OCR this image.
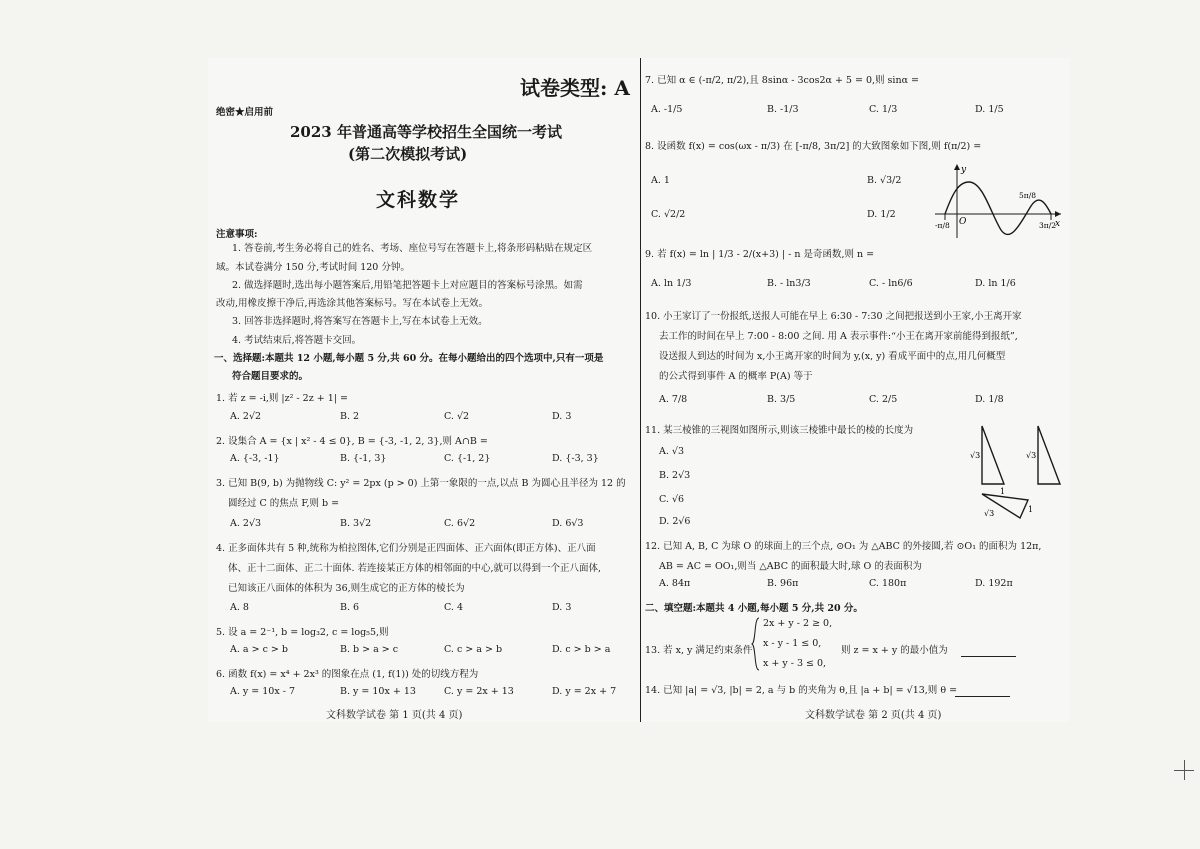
试卷类型: A
绝密★启用前
2023 年普通高等学校招生全国统一考试
(第二次模拟考试)
文科数学
注意事项:
1. 答卷前,考生务必将自己的姓名、考场、座位号写在答题卡上,将条形码粘贴在规定区
域。本试卷满分 150 分,考试时间 120 分钟。
2. 做选择题时,选出每小题答案后,用铅笔把答题卡上对应题目的答案标号涂黑。如需
改动,用橡皮擦干净后,再选涂其他答案标号。写在本试卷上无效。
3. 回答非选择题时,将答案写在答题卡上,写在本试卷上无效。
4. 考试结束后,将答题卡交回。
一、选择题:本题共 12 小题,每小题 5 分,共 60 分。在每小题给出的四个选项中,只有一项是
符合题目要求的。
1. 若 z = -i,则 |z² - 2z + 1| =
A. 2√2	B. 2	C. √2	D. 3
2. 设集合 A = {x | x² - 4 ≤ 0}, B = {-3, -1, 2, 3},则 A∩B =
A. {-3, -1}	B. {-1, 3}	C. {-1, 2}	D. {-3, 3}
3. 已知 B(9, b) 为抛物线 C: y² = 2px (p > 0) 上第一象限的一点,以点 B 为圆心且半径为 12 的
圆经过 C 的焦点 F,则 b =
A. 2√3	B. 3√2	C. 6√2	D. 6√3
4. 正多面体共有 5 种,统称为柏拉图体,它们分别是正四面体、正六面体(即正方体)、正八面
体、正十二面体、正二十面体. 若连接某正方体的相邻面的中心,就可以得到一个正八面体,
已知该正八面体的体积为 36,则生成它的正方体的棱长为
A. 8	B. 6	C. 4	D. 3
5. 设 a = 2⁻¹, b = log₃2, c = log₅5,则
A. a > c > b	B. b > a > c	C. c > a > b	D. c > b > a
6. 函数 f(x) = x⁴ + 2x³ 的图象在点 (1, f(1)) 处的切线方程为
A. y = 10x - 7	B. y = 10x + 13	C. y = 2x + 13	D. y = 2x + 7
文科数学试卷 第 1 页(共 4 页)
7. 已知 α ∈ (-π/2, π/2),且 8sinα - 3cos2α + 5 = 0,则 sinα =
A. -1/5	B. -1/3	C. 1/3	D. 1/5
8. 设函数 f(x) = cos(ωx - π/3) 在 [-π/8, 3π/2] 的大致图象如下图,则 f(π/2) =
A. 1	B. √3/2
C. √2/2	D. 1/2
y
x
O
-π/8
5π/8
3π/2
9. 若 f(x) = ln | 1/3 - 2/(x+3) | - n 是奇函数,则 n =
A. ln 1/3	B. - ln3/3	C. - ln6/6	D. ln 1/6
10. 小王家订了一份报纸,送报人可能在早上 6:30 - 7:30 之间把报送到小王家,小王离开家
去工作的时间在早上 7:00 - 8:00 之间. 用 A 表示事件:“小王在离开家前能得到报纸”,
设送报人到达的时间为 x,小王离开家的时间为 y,(x, y) 看成平面中的点,用几何概型
的公式得到事件 A 的概率 P(A) 等于
A. 7/8	B. 3/5	C. 2/5	D. 1/8
11. 某三棱锥的三视图如图所示,则该三棱锥中最长的棱的长度为
A. √3
B. 2√3
C. √6
D. 2√6
√3	√3
√3
1
1
12. 已知 A, B, C 为球 O 的球面上的三个点, ⊙O₁ 为 △ABC 的外接圆,若 ⊙O₁ 的面积为 12π,
AB = AC = OO₁,则当 △ABC 的面积最大时,球 O 的表面积为
A. 84π	B. 96π	C. 180π	D. 192π
二、填空题:本题共 4 小题,每小题 5 分,共 20 分。
13. 若 x, y 满足约束条件
2x + y - 2 ≥ 0,
x - y - 1 ≤ 0,
x + y - 3 ≤ 0,
则 z = x + y 的最小值为
14. 已知 |a| = √3, |b| = 2, a 与 b 的夹角为 θ,且 |a + b| = √13,则 θ =
文科数学试卷 第 2 页(共 4 页)
